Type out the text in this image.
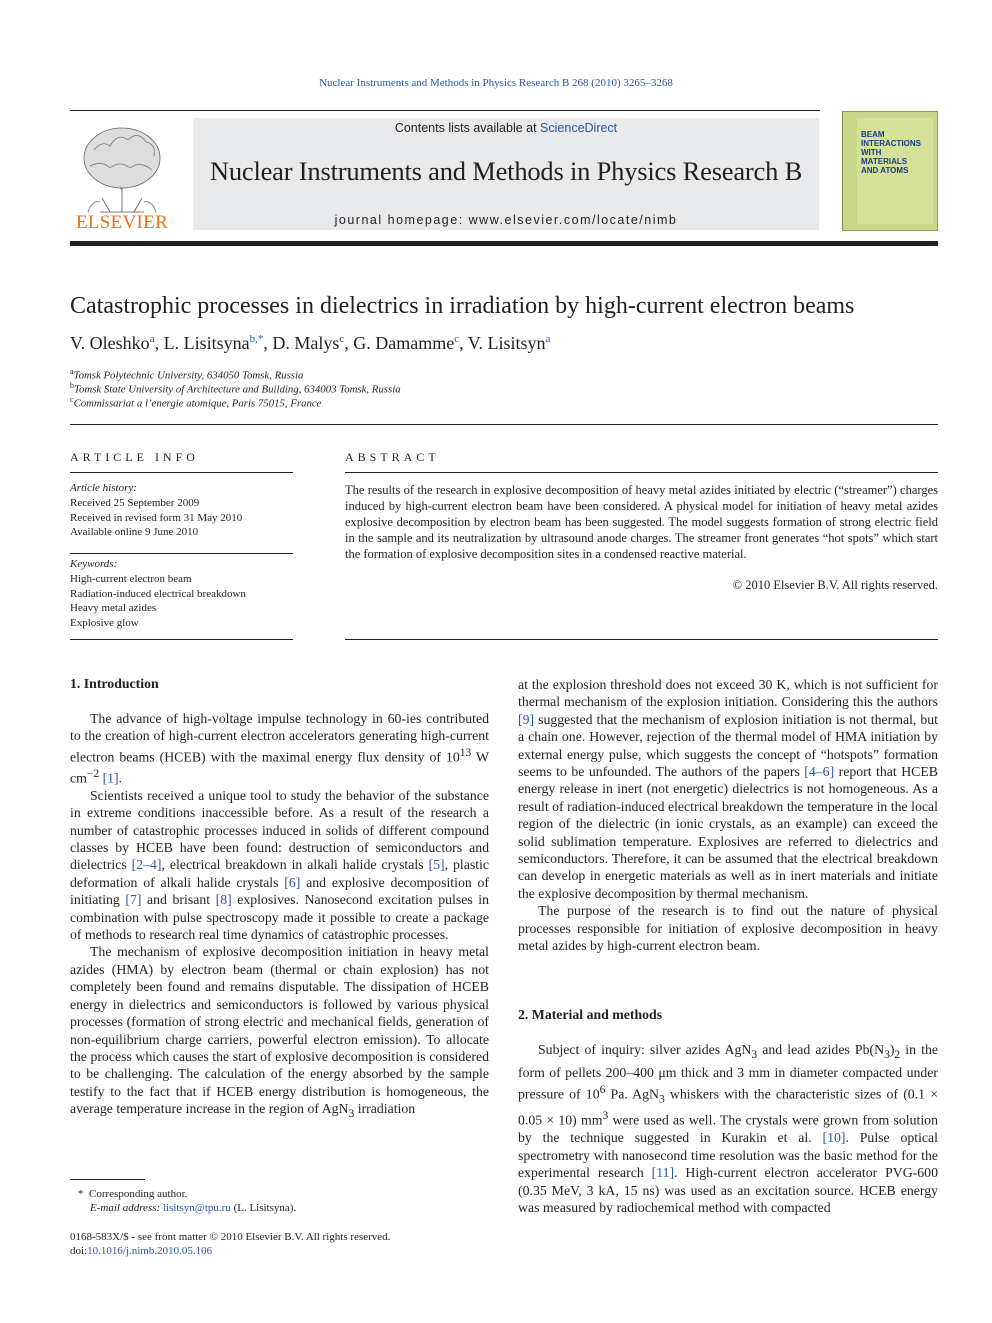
Nuclear Instruments and Methods in Physics Research B 268 (2010) 3265–3268
ELSEVIER
Contents lists available at ScienceDirect
Nuclear Instruments and Methods in Physics Research B
journal homepage: www.elsevier.com/locate/nimb
BEAM
INTERACTIONS
WITH
MATERIALS
AND ATOMS
Catastrophic processes in dielectrics in irradiation by high-current electron beams
V. Oleshko$^a$, L. Lisitsyna$^{b,*}$, D. Malys$^c$, G. Damamme$^c$, V. Lisitsyn$^a$
$^a$Tomsk Polytechnic University, 634050 Tomsk, Russia
$^b$Tomsk State University of Architecture and Building, 634003 Tomsk, Russia
$^c$Commissariat a l’energie atomique, Paris 75015, France
ARTICLE INFO
Article history:
Received 25 September 2009
Received in revised form 31 May 2010
Available online 9 June 2010
Keywords:
High-current electron beam
Radiation-induced electrical breakdown
Heavy metal azides
Explosive glow
ABSTRACT
The results of the research in explosive decomposition of heavy metal azides initiated by electric (“streamer”) charges induced by high-current electron beam have been considered. A physical model for initiation of heavy metal azides explosive decomposition by electron beam has been suggested. The model suggests formation of strong electric field in the sample and its neutralization by ultrasound anode charges. The streamer front generates “hot spots” which start the formation of explosive decomposition sites in a condensed reactive material.
© 2010 Elsevier B.V. All rights reserved.
1. Introduction

The advance of high-voltage impulse technology in 60-ies contributed to the creation of high-current electron accelerators generating high-current electron beams (HCEB) with the maximal energy flux density of $10^{13}$ W $cm^{-2}$ [1].

Scientists received a unique tool to study the behavior of the substance in extreme conditions inaccessible before. As a result of the research a number of catastrophic processes induced in solids of different compound classes by HCEB have been found: destruction of semiconductors and dielectrics [2–4], electrical breakdown in alkali halide crystals [5], plastic deformation of alkali halide crystals [6] and explosive decomposition of initiating [7] and brisant [8] explosives. Nanosecond excitation pulses in combination with pulse spectroscopy made it possible to create a package of methods to research real time dynamics of catastrophic processes.

The mechanism of explosive decomposition initiation in heavy metal azides (HMA) by electron beam (thermal or chain explosion) has not completely been found and remains disputable. The dissipation of HCEB energy in dielectrics and semiconductors is followed by various physical processes (formation of strong electric and mechanical fields, generation of non-equilibrium charge carriers, powerful electron emission). To allocate the process which causes the start of explosive decomposition is considered to be challenging. The calculation of the energy absorbed by the sample testify to the fact that if HCEB energy distribution is homogeneous, the average temperature increase in the region of AgN$_3$ irradiation

at the explosion threshold does not exceed 30 K, which is not sufficient for thermal mechanism of the explosion initiation. Considering this the authors [9] suggested that the mechanism of explosion initiation is not thermal, but a chain one. However, rejection of the thermal model of HMA initiation by external energy pulse, which suggests the concept of “hotspots” formation seems to be unfounded. The authors of the papers [4–6] report that HCEB energy release in inert (not energetic) dielectrics is not homogeneous. As a result of radiation-induced electrical breakdown the temperature in the local region of the dielectric (in ionic crystals, as an example) can exceed the solid sublimation temperature. Explosives are referred to dielectrics and semiconductors. Therefore, it can be assumed that the electrical breakdown can develop in energetic materials as well as in inert materials and initiate the explosive decomposition by thermal mechanism.

The purpose of the research is to find out the nature of physical processes responsible for initiation of explosive decomposition in heavy metal azides by high-current electron beam.

2. Material and methods

Subject of inquiry: silver azides AgN$_3$ and lead azides $Pb(N_3)_2$ in the form of pellets 200–400 μm thick and 3 mm in diameter compacted under pressure of $10^6$ Pa. AgN$_3$ whiskers with the characteristic sizes of (0.1 × 0.05 × 10) $mm^3$ were used as well. The crystals were grown from solution by the technique suggested in Kurakin et al. [10]. Pulse optical spectrometry with nanosecond time resolution was the basic method for the experimental research [11]. High-current electron accelerator PVG-600 (0.35 MeV, 3 kA, 15 ns) was used as an excitation source. HCEB energy was measured by radiochemical method with compacted

* Corresponding author.
E-mail address: lisitsyn@tpu.ru (L. Lisitsyna).
0168-583X/$ - see front matter © 2010 Elsevier B.V. All rights reserved.
doi:10.1016/j.nimb.2010.05.106
